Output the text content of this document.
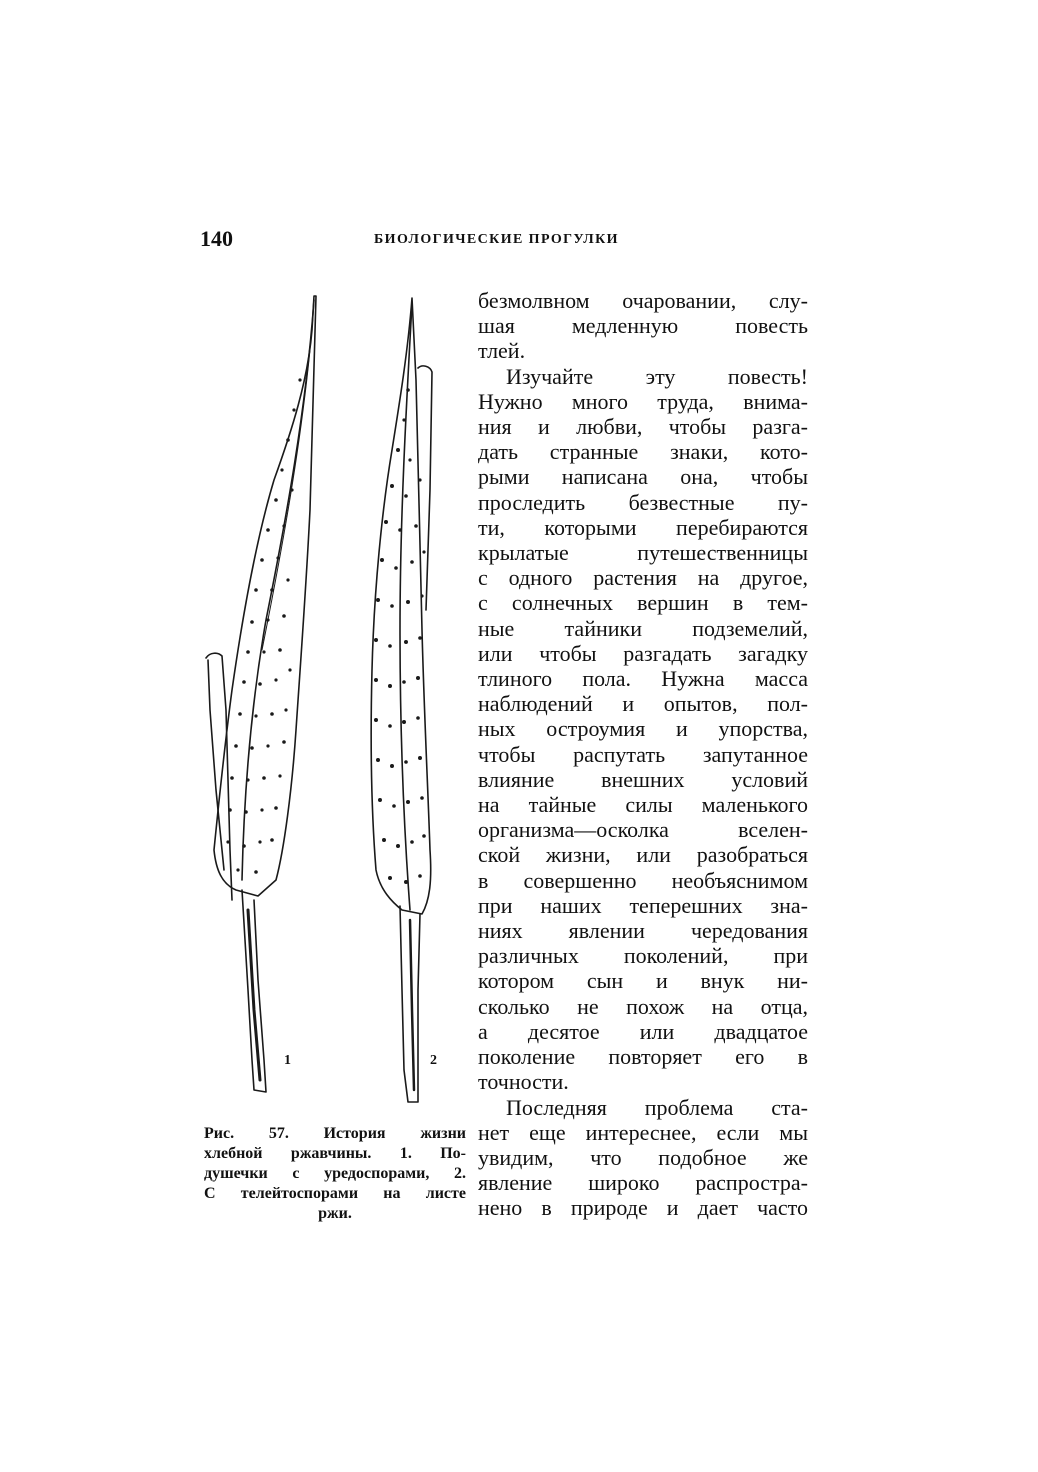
140	БИОЛОГИЧЕСКИЕ ПРОГУЛКИ
1	2
Рис. 57. История жизни
хлебной ржавчины. 1. По-
душечки с уредоспорами, 2.
С телейтоспорами на листе
ржи.
безмолвном очаровании, слу-
шая медленную повесть
тлей.
Изучайте эту повесть!
Нужно много труда, внима-
ния и любви, чтобы разга-
дать странные знаки, кото-
рыми написана она, чтобы
проследить безвестные пу-
ти, которыми перебираются
крылатые путешественницы
с одного растения на другое,
с солнечных вершин в тем-
ные тайники подземелий,
или чтобы разгадать загадку
тлиного пола. Нужна масса
наблюдений и опытов, пол-
ных остроумия и упорства,
чтобы распутать запутанное
влияние внешних условий
на тайные силы маленького
организма—осколка вселен-
ской жизни, или разобраться
в совершенно необъяснимом
при наших теперешних зна-
ниях явлении чередования
различных поколений, при
котором сын и внук ни-
сколько не похож на отца,
а десятое или двадцатое
поколение повторяет его в
точности.
Последняя проблема ста-
нет еще интереснее, если мы
увидим, что подобное же
явление широко распростра-
нено в природе и дает часто
